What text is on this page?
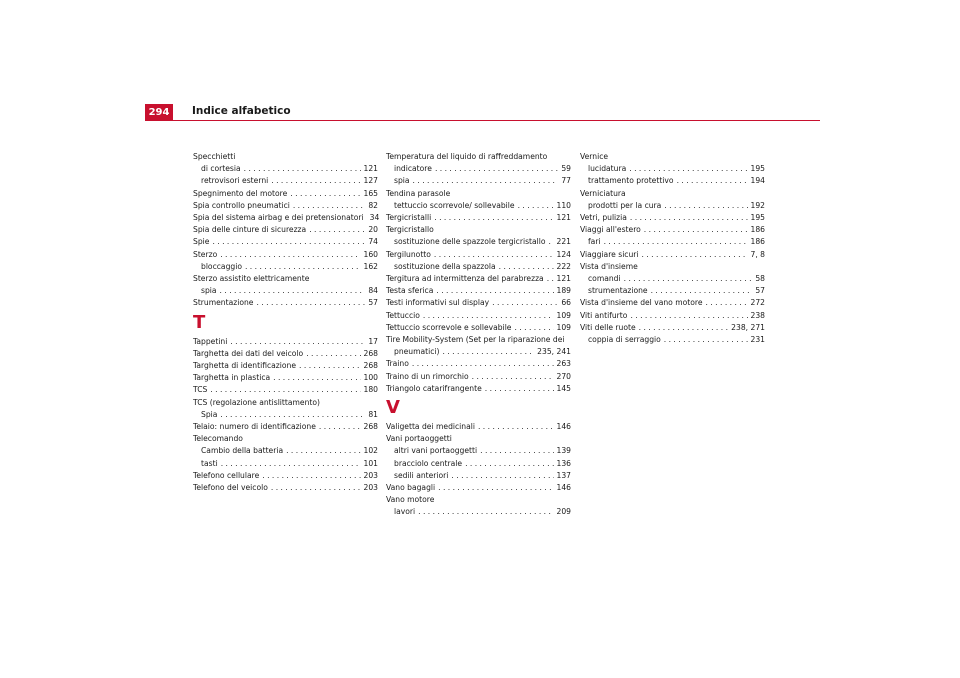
294	Indice alfabetico
Specchietti
di cortesia . . .	121
retrovisori esterni . . .	127
Spegnimento del motore . . .	165
Spia controllo pneumatici . . .	82
Spia del sistema airbag e dei pretensionatori 34
Spia delle cinture di sicurezza . . .	20
Spie . . .	74
Sterzo . . .	160
bloccaggio . . .	162
Sterzo assistito elettricamente
spia . . .	84
Strumentazione . . .	57
T
Tappetini . . .	17
Targhetta dei dati del veicolo . . .	268
Targhetta di identificazione . . .	268
Targhetta in plastica . . .	100
TCS . . .	180
TCS (regolazione antislittamento)
Spia . . .	81
Telaio: numero di identificazione . . .	268
Telecomando
Cambio della batteria . . .	102
tasti . . .	101
Telefono cellulare . . .	203
Telefono del veicolo . . .	203
Temperatura del liquido di raffreddamento
indicatore . . .	59
spia . . .	77
Tendina parasole
tettuccio scorrevole/ sollevabile . . .	110
Tergicristalli . . .	121
Tergicristallo
sostituzione delle spazzole tergicristallo . . . 221
Tergilunotto . . .	124
sostituzione della spazzola . . .	222
Tergitura ad intermittenza del parabrezza . . . 121
Testa sferica . . .	189
Testi informativi sul display . . .	66
Tettuccio . . .	109
Tettuccio scorrevole e sollevabile . . .	109
Tire Mobility-System (Set per la riparazione dei
pneumatici) . . .	235, 241
Traino . . .	263
Traino di un rimorchio . . .	270
Triangolo catarifrangente . . .	145
V
Valigetta dei medicinali . . .	146
Vani portaoggetti
altri vani portaoggetti . . .	139
bracciolo centrale . . .	136
sedili anteriori . . .	137
Vano bagagli . . .	146
Vano motore
lavori . . .	209
Vernice
lucidatura . . .	195
trattamento protettivo . . .	194
Verniciatura
prodotti per la cura . . .	192
Vetri, pulizia . . .	195
Viaggi all'estero . . .	186
fari . . .	186
Viaggiare sicuri . . .	7, 8
Vista d'insieme
comandi . . .	58
strumentazione . . .	57
Vista d'insieme del vano motore . . .	272
Viti antifurto . . .	238
Viti delle ruote . . .	238, 271
coppia di serraggio . . .	231
